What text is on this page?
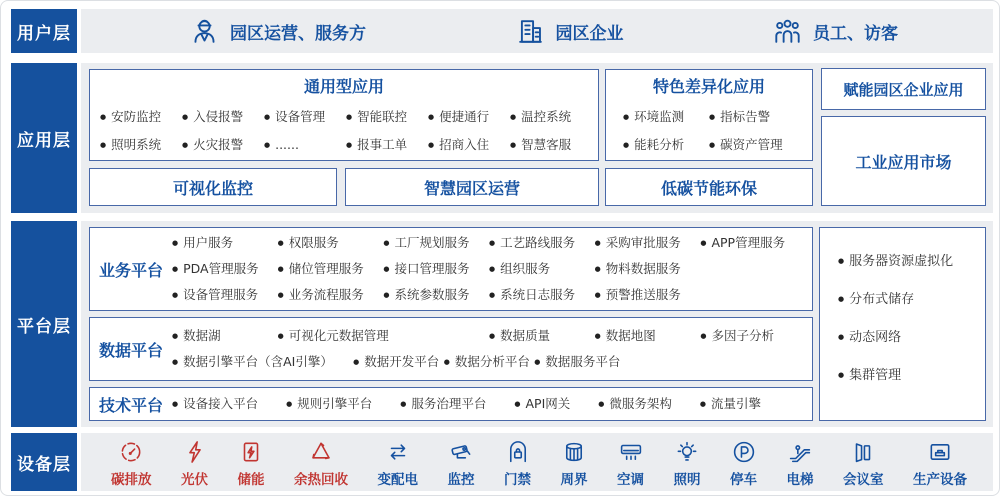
用户层
应用层
平台层
设备层
园区运营、服务方	园区企业	员工、访客
通用型应用
● 安防监控	● 入侵报警	● 设备管理	● 智能联控	● 便捷通行	● 温控系统
● 照明系统	● 火灾报警	● ......	● 报事工单	● 招商入住	● 智慧客服
特色差异化应用
● 环境监测	● 指标告警
● 能耗分析	● 碳资产管理
赋能园区企业应用
工业应用市场
可视化监控	智慧园区运营	低碳节能环保
业务平台
● 用户服务	● 权限服务	● 工厂规划服务	● 工艺路线服务	● 采购审批服务	● APP管理服务
● PDA管理服务	● 储位管理服务	● 接口管理服务	● 组织服务	● 物料数据服务
● 设备管理服务	● 业务流程服务	● 系统参数服务	● 系统日志服务	● 预警推送服务
数据平台
● 数据湖	● 可视化元数据管理	● 数据质量	● 数据地图	● 多因子分析
● 数据引擎平台（含AI引擎）	● 数据开发平台	● 数据分析平台	● 数据服务平台
技术平台	● 设备接入平台	● 规则引擎平台	● 服务治理平台	● API网关	● 微服务架构	● 流量引擎
● 服务器资源虚拟化
● 分布式储存
● 动态网络
● 集群管理
碳排放 光伏 储能 余热回收 变配电 监控 门禁 周界 空调 照明 停车 电梯 会议室 生产设备
